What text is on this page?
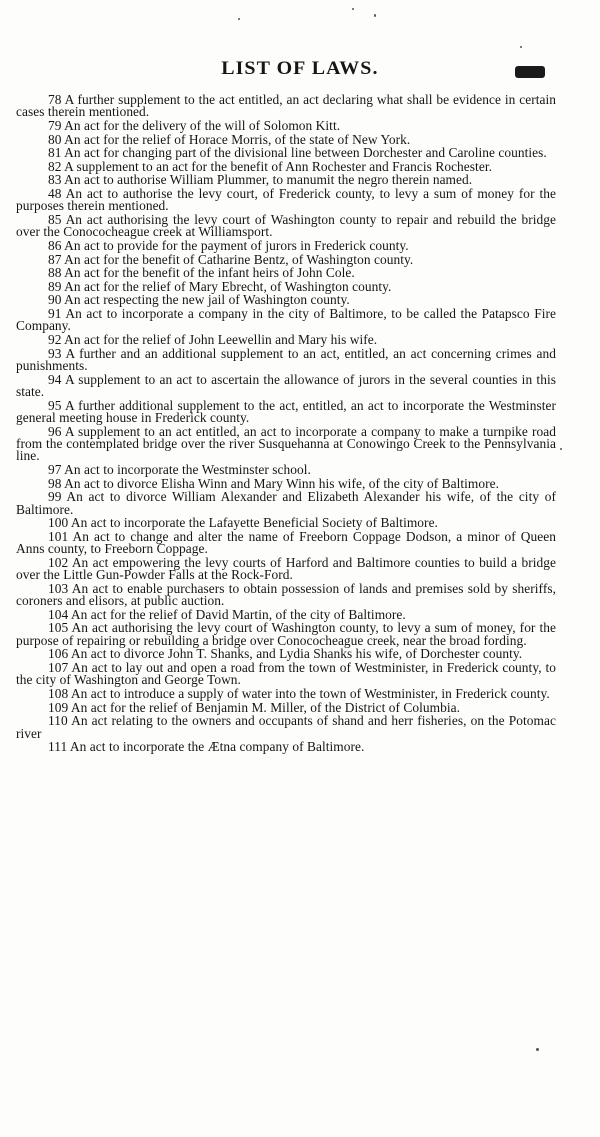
LIST OF LAWS.
78 A further supplement to the act entitled, an act declaring what shall be evidence in certain cases therein mentioned.
79 An act for the delivery of the will of Solomon Kitt.
80 An act for the relief of Horace Morris, of the state of New York.
81 An act for changing part of the divisional line between Dorchester and Caroline counties.
82 A supplement to an act for the benefit of Ann Rochester and Francis Rochester.
83 An act to authorise William Plummer, to manumit the negro therein named.
48 An act to authorise the levy court, of Frederick county, to levy a sum of money for the purposes therein mentioned.
85 An act authorising the levy court of Washington county to repair and rebuild the bridge over the Conococheague creek at Williamsport.
86 An act to provide for the payment of jurors in Frederick county.
87 An act for the benefit of Catharine Bentz, of Washington county.
88 An act for the benefit of the infant heirs of John Cole.
89 An act for the relief of Mary Ebrecht, of Washington county.
90 An act respecting the new jail of Washington county.
91 An act to incorporate a company in the city of Baltimore, to be called the Patapsco Fire Company.
92 An act for the relief of John Leewellin and Mary his wife.
93 A further and an additional supplement to an act, entitled, an act concerning crimes and punishments.
94 A supplement to an act to ascertain the allowance of jurors in the several counties in this state.
95 A further additional supplement to the act, entitled, an act to incorporate the Westminster general meeting house in Frederick county.
96 A supplement to an act entitled, an act to incorporate a company to make a turnpike road from the contemplated bridge over the river Susquehanna at Conowingo Creek to the Pennsylvania line.
97 An act to incorporate the Westminster school.
98 An act to divorce Elisha Winn and Mary Winn his wife, of the city of Baltimore.
99 An act to divorce William Alexander and Elizabeth Alexander his wife, of the city of Baltimore.
100 An act to incorporate the Lafayette Beneficial Society of Baltimore.
101 An act to change and alter the name of Freeborn Coppage Dodson, a minor of Queen Anns county, to Freeborn Coppage.
102 An act empowering the levy courts of Harford and Baltimore counties to build a bridge over the Little Gun-Powder Falls at the Rock-Ford.
103 An act to enable purchasers to obtain possession of lands and premises sold by sheriffs, coroners and elisors, at public auction.
104 An act for the relief of David Martin, of the city of Baltimore.
105 An act authorising the levy court of Washington county, to levy a sum of money, for the purpose of repairing or rebuilding a bridge over Conococheague creek, near the broad fording.
106 An act to divorce John T. Shanks, and Lydia Shanks his wife, of Dorchester county.
107 An act to lay out and open a road from the town of Westminister, in Frederick county, to the city of Washington and George Town.
108 An act to introduce a supply of water into the town of Westminister, in Frederick county.
109 An act for the relief of Benjamin M. Miller, of the District of Columbia.
110 An act relating to the owners and occupants of shand and herr fisheries, on the Potomac river
111 An act to incorporate the Ætna company of Baltimore.
